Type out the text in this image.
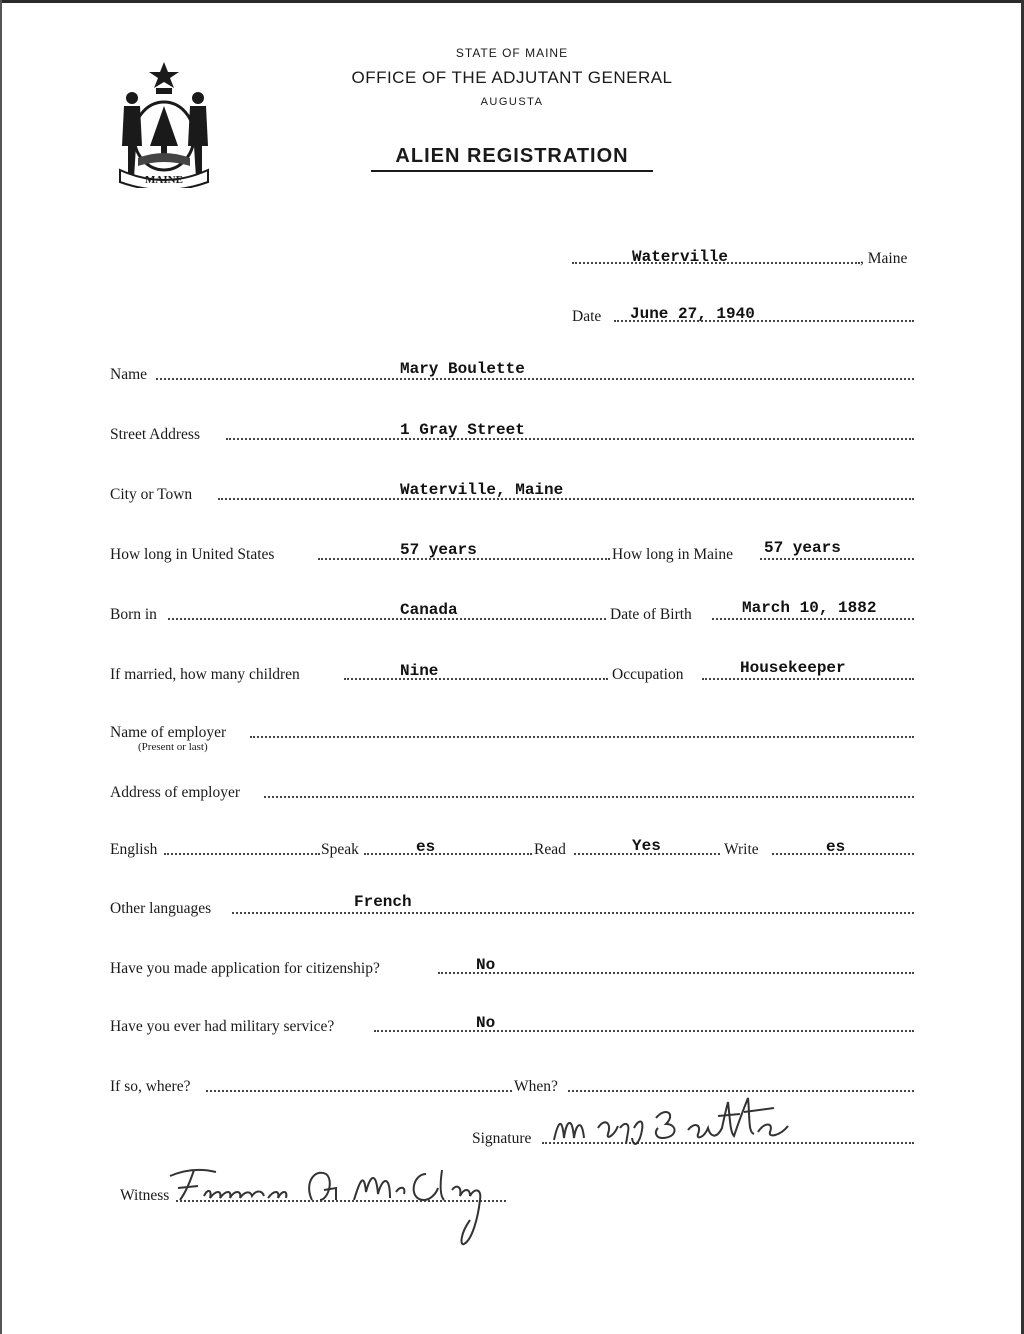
MAINE
STATE OF MAINE
OFFICE OF THE ADJUTANT GENERAL
AUGUSTA
ALIEN REGISTRATION
Waterville	, Maine
Date June 27, 1940
Name	Mary Boulette
Street Address	1 Gray Street
City or Town	Waterville, Maine
How long in United States	57 years	How long in Maine 57 years
Born in	Canada	Date of Birth	March 10, 1882
If married, how many children	Nine	Occupation	Housekeeper
Name of employer
(Present or last)
Address of employer
English	Speak	es	Read	Yes	Write	es
Other languages	French
Have you made application for citizenship?	No
Have you ever had military service?	No
If so, where?	When?
Signature
Witness
